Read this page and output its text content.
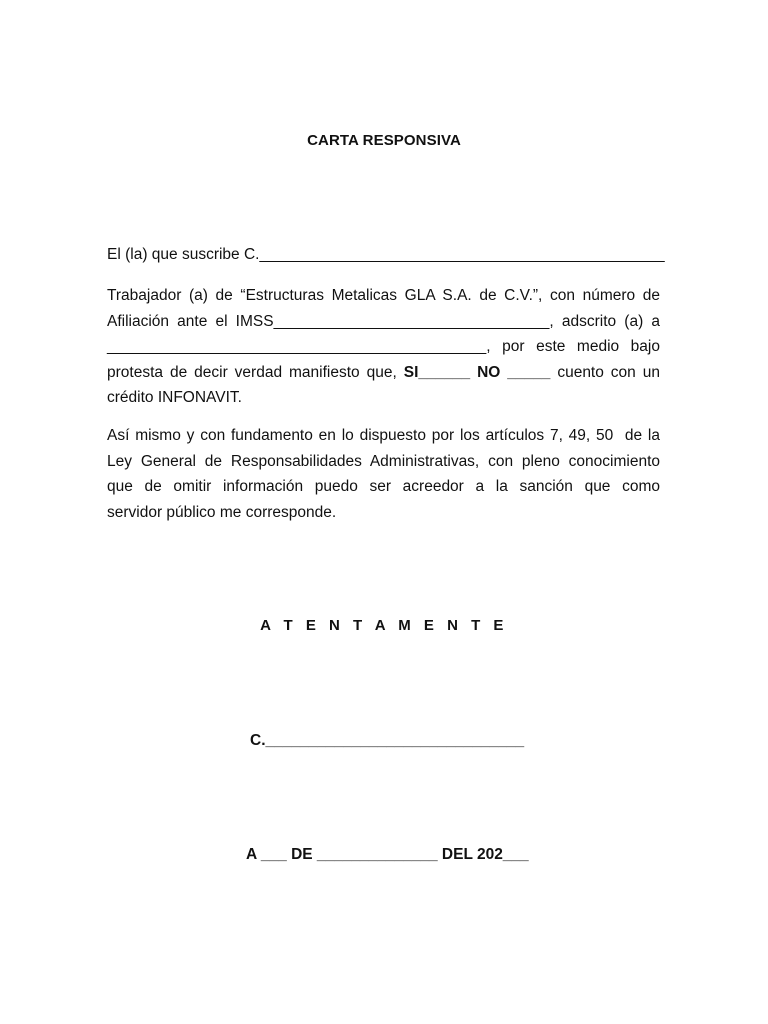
CARTA RESPONSIVA
El (la) que suscribe C._______________________________________________
Trabajador (a) de “Estructuras Metalicas GLA S.A. de C.V.”, con número de
Afiliación ante el IMSS________________________________, adscrito (a) a
____________________________________________, por este medio bajo
protesta de decir verdad manifiesto que, SI______ NO _____ cuento con un
crédito INFONAVIT.
Así mismo y con fundamento en lo dispuesto por los artículos 7, 49, 50  de la
Ley General de Responsabilidades Administrativas, con pleno conocimiento
que de omitir información puedo ser acreedor a la sanción que como
servidor público me corresponde.
A T E N T A M E N T E
C.______________________________
A ___ DE ______________ DEL 202___
